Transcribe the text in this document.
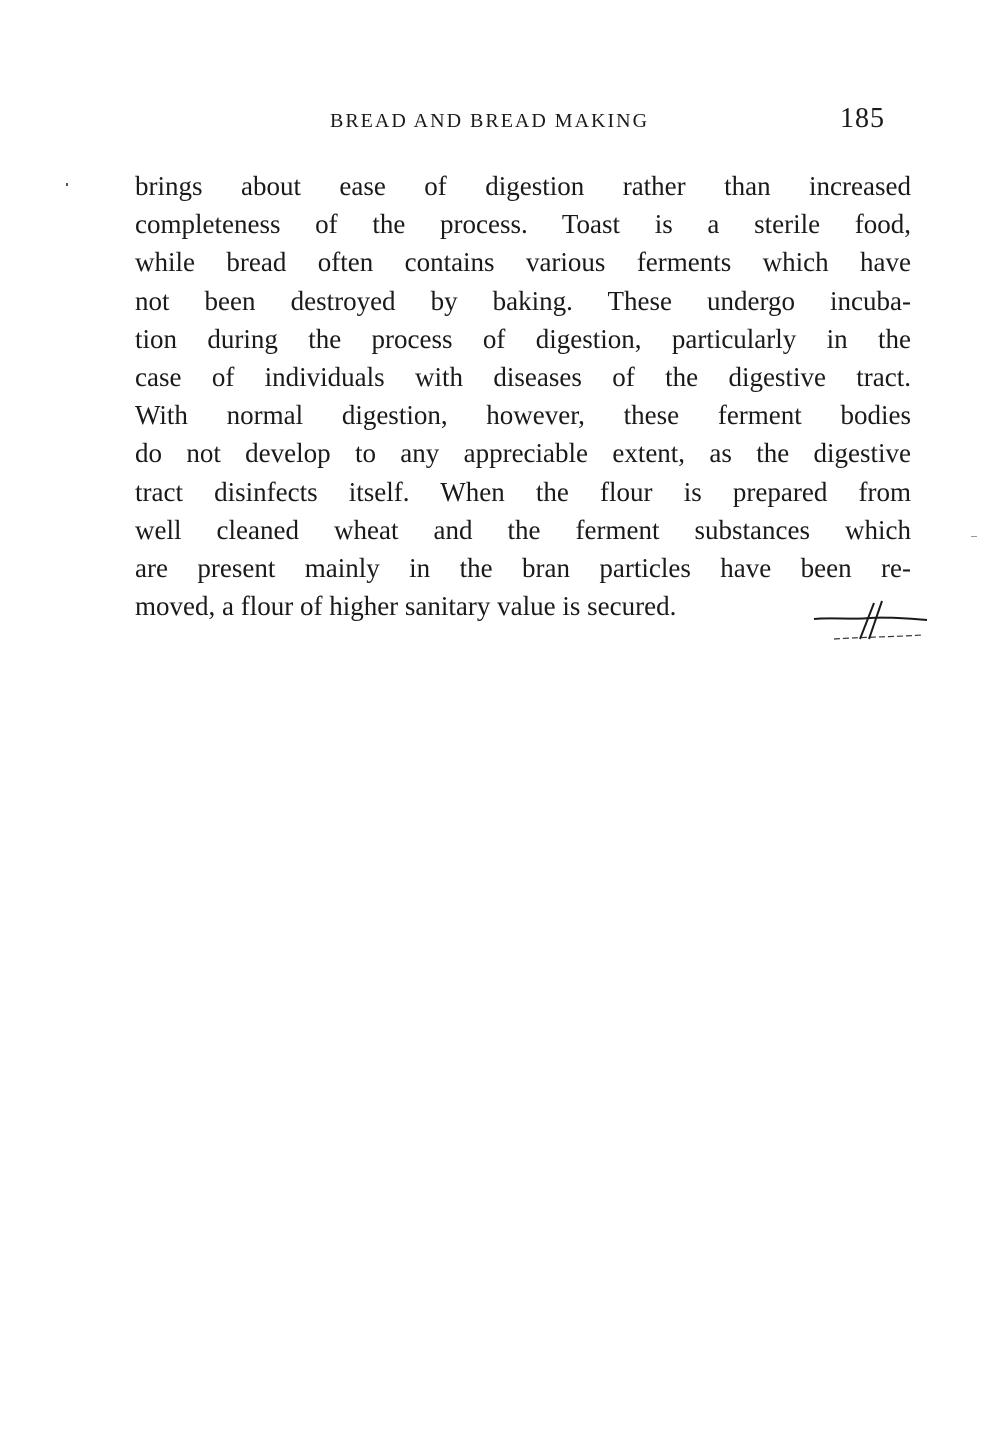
BREAD AND BREAD MAKING	185
brings about ease of digestion rather than increased
completeness of the process. Toast is a sterile food,
while bread often contains various ferments which have
not been destroyed by baking. These undergo incuba-
tion during the process of digestion, particularly in the
case of individuals with diseases of the digestive tract.
With normal digestion, however, these ferment bodies
do not develop to any appreciable extent, as the digestive
tract disinfects itself. When the flour is prepared from
well cleaned wheat and the ferment substances which
are present mainly in the bran particles have been re-
moved, a flour of higher sanitary value is secured.
